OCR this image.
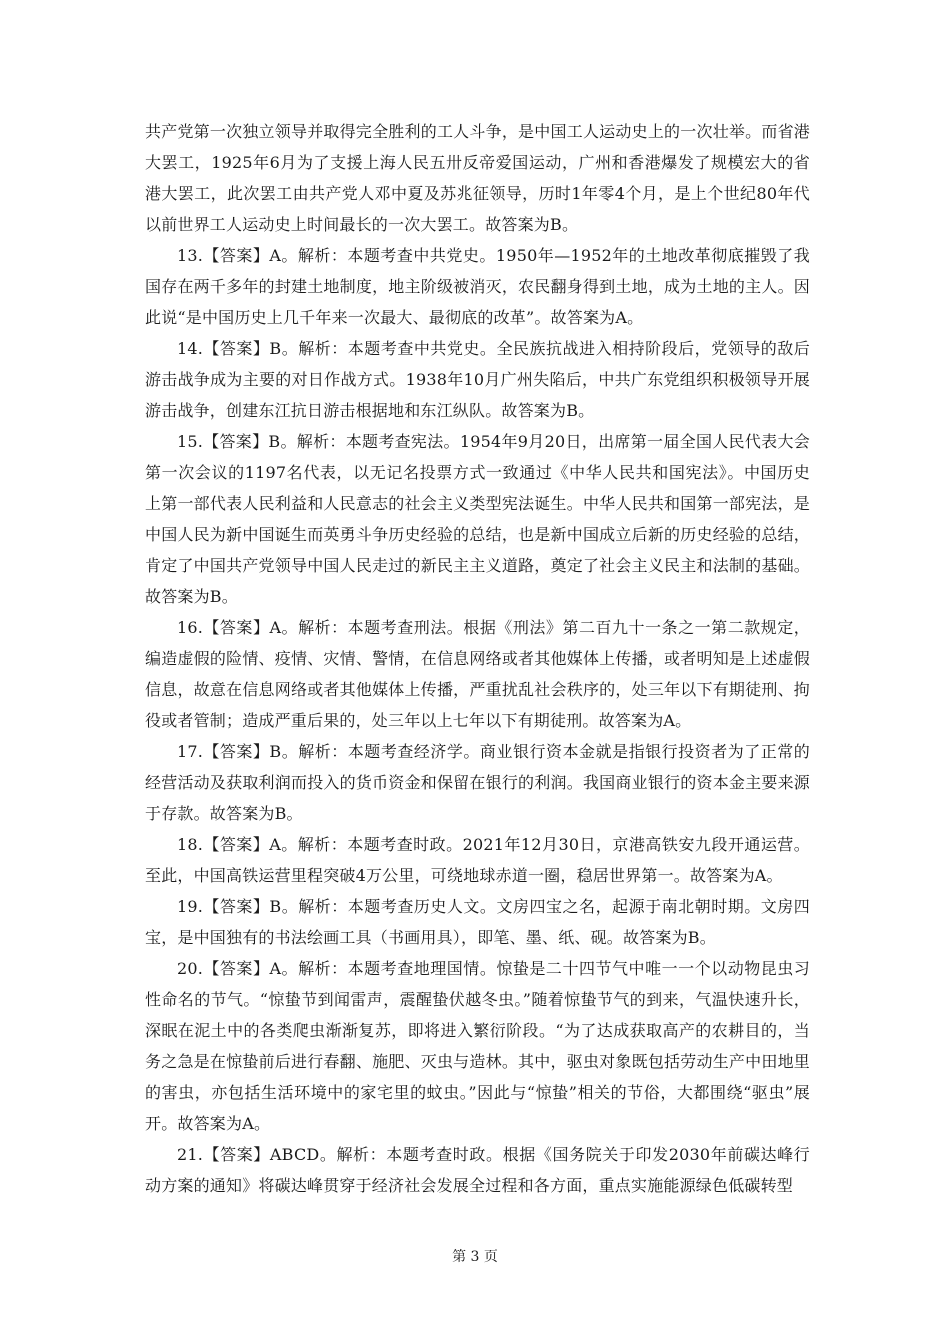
共产党第一次独立领导并取得完全胜利的工人斗争，是中国工人运动史上的一次壮举。而省港大罢工，1925年6月为了支援上海人民五卅反帝爱国运动，广州和香港爆发了规模宏大的省港大罢工，此次罢工由共产党人邓中夏及苏兆征领导，历时1年零4个月，是上个世纪80年代以前世界工人运动史上时间最长的一次大罢工。故答案为B。

13.【答案】A。解析：本题考查中共党史。1950年—1952年的土地改革彻底摧毁了我国存在两千多年的封建土地制度，地主阶级被消灭，农民翻身得到土地，成为土地的主人。因此说“是中国历史上几千年来一次最大、最彻底的改革”。故答案为A。

14.【答案】B。解析：本题考查中共党史。全民族抗战进入相持阶段后，党领导的敌后游击战争成为主要的对日作战方式。1938年10月广州失陷后，中共广东党组织积极领导开展游击战争，创建东江抗日游击根据地和东江纵队。故答案为B。

15.【答案】B。解析：本题考查宪法。1954年9月20日，出席第一届全国人民代表大会第一次会议的1197名代表，以无记名投票方式一致通过《中华人民共和国宪法》。中国历史上第一部代表人民利益和人民意志的社会主义类型宪法诞生。中华人民共和国第一部宪法，是中国人民为新中国诞生而英勇斗争历史经验的总结，也是新中国成立后新的历史经验的总结，肯定了中国共产党领导中国人民走过的新民主主义道路，奠定了社会主义民主和法制的基础。故答案为B。

16.【答案】A。解析：本题考查刑法。根据《刑法》第二百九十一条之一第二款规定，编造虚假的险情、疫情、灾情、警情，在信息网络或者其他媒体上传播，或者明知是上述虚假信息，故意在信息网络或者其他媒体上传播，严重扰乱社会秩序的，处三年以下有期徒刑、拘役或者管制；造成严重后果的，处三年以上七年以下有期徒刑。故答案为A。

17.【答案】B。解析：本题考查经济学。商业银行资本金就是指银行投资者为了正常的经营活动及获取利润而投入的货币资金和保留在银行的利润。我国商业银行的资本金主要来源于存款。故答案为B。

18.【答案】A。解析：本题考查时政。2021年12月30日，京港高铁安九段开通运营。至此，中国高铁运营里程突破4万公里，可绕地球赤道一圈，稳居世界第一。故答案为A。

19.【答案】B。解析：本题考查历史人文。文房四宝之名，起源于南北朝时期。文房四宝，是中国独有的书法绘画工具（书画用具），即笔、墨、纸、砚。故答案为B。

20.【答案】A。解析：本题考查地理国情。惊蛰是二十四节气中唯一一个以动物昆虫习性命名的节气。“惊蛰节到闻雷声，震醒蛰伏越冬虫。”随着惊蛰节气的到来，气温快速升长，深眠在泥土中的各类爬虫渐渐复苏，即将进入繁衍阶段。“为了达成获取高产的农耕目的，当务之急是在惊蛰前后进行春翻、施肥、灭虫与造林。其中，驱虫对象既包括劳动生产中田地里的害虫，亦包括生活环境中的家宅里的蚊虫。”因此与“惊蛰”相关的节俗，大都围绕“驱虫”展开。故答案为A。

21.【答案】ABCD。解析：本题考查时政。根据《国务院关于印发2030年前碳达峰行动方案的通知》将碳达峰贯穿于经济社会发展全过程和各方面，重点实施能源绿色低碳转型

第 3 页
